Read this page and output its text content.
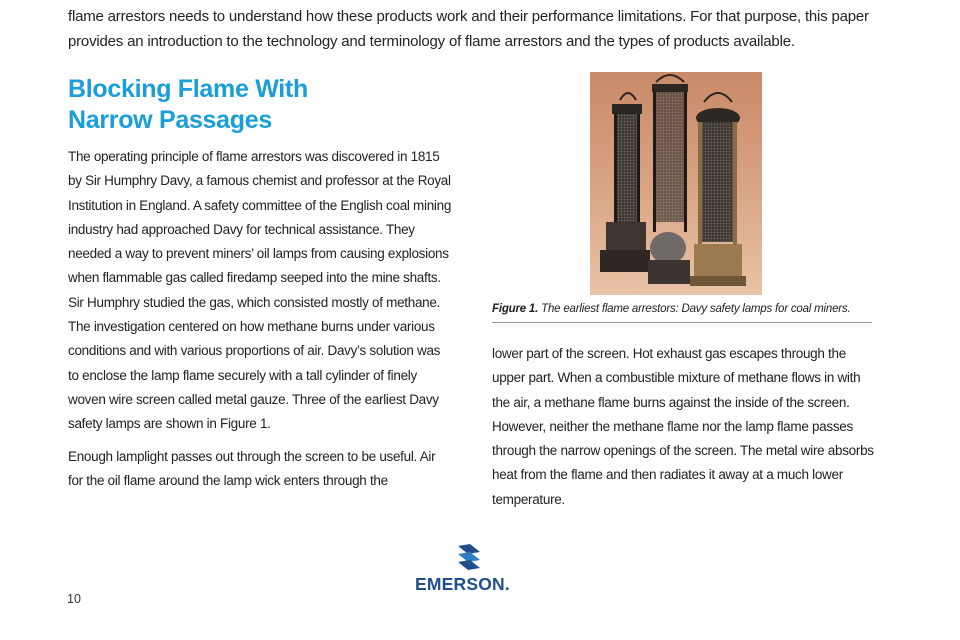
flame arrestors needs to understand how these products work and their performance limitations. For that purpose, this paper provides an introduction to the technology and terminology of flame arrestors and the types of products available.
Blocking Flame With
Narrow Passages

The operating principle of flame arrestors was discovered in 1815 by Sir Humphry Davy, a famous chemist and professor at the Royal Institution in England. A safety committee of the English coal mining industry had approached Davy for technical assistance. They needed a way to prevent miners’ oil lamps from causing explosions when flammable gas called firedamp seeped into the mine shafts. Sir Humphry studied the gas, which consisted mostly of methane. The investigation centered on how methane burns under various conditions and with various proportions of air. Davy’s solution was to enclose the lamp flame securely with a tall cylinder of finely woven wire screen called metal gauze. Three of the earliest Davy safety lamps are shown in Figure 1.

Enough lamplight passes out through the screen to be useful. Air for the oil flame around the lamp wick enters through the

Figure 1. The earliest flame arrestors: Davy safety lamps for coal miners.

lower part of the screen. Hot exhaust gas escapes through the upper part. When a combustible mixture of methane flows in with the air, a methane flame burns against the inside of the screen. However, neither the methane flame nor the lamp flame passes through the narrow openings of the screen. The metal wire absorbs heat from the flame and then radiates it away at a much lower temperature.

EMERSON.
10
